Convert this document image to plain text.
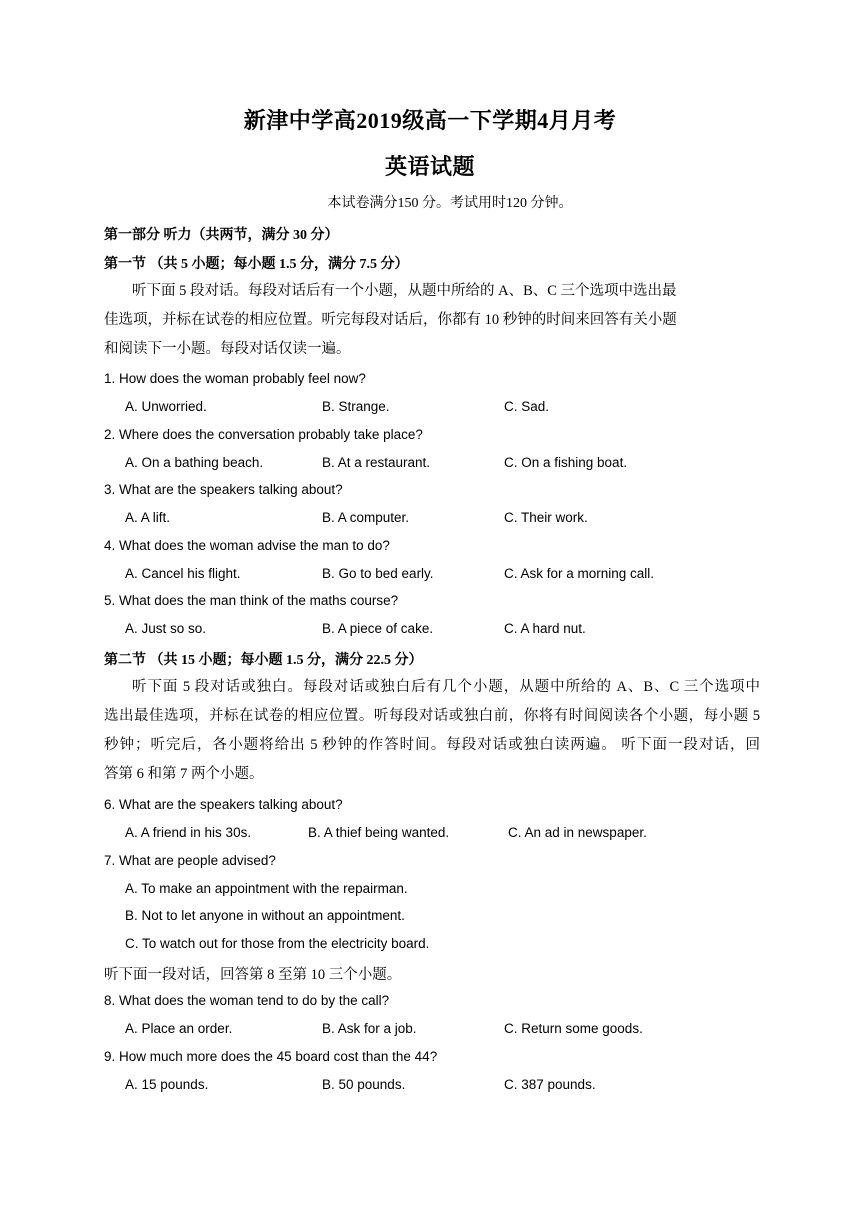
新津中学高2019级高一下学期4月月考
英语试题
本试卷满分150 分。考试用时120 分钟。
第一部分 听力（共两节，满分 30 分）
第一节 （共 5 小题；每小题 1.5 分，满分 7.5 分）
听下面 5 段对话。每段对话后有一个小题，从题中所给的 A、B、C 三个选项中选出最
佳选项，并标在试卷的相应位置。听完每段对话后，你都有 10 秒钟的时间来回答有关小题
和阅读下一小题。每段对话仅读一遍。
1. How does the woman probably feel now?
A. Unworried.	B. Strange.	C. Sad.
2. Where does the conversation probably take place?
A. On a bathing beach.	B. At a restaurant.	C. On a fishing boat.
3. What are the speakers talking about?
A. A lift.	B. A computer.	C. Their work.
4. What does the woman advise the man to do?
A. Cancel his flight.	B. Go to bed early.	C. Ask for a morning call.
5. What does the man think of the maths course?
A. Just so so.	B. A piece of cake.	C. A hard nut.
第二节 （共 15 小题；每小题 1.5 分，满分 22.5 分）
听下面 5 段对话或独白。每段对话或独白后有几个小题，从题中所给的 A、B、C 三个选项中
选出最佳选项，并标在试卷的相应位置。听每段对话或独白前，你将有时间阅读各个小题，每小题 5
秒钟；听完后，各小题将给出 5 秒钟的作答时间。每段对话或独白读两遍。 听下面一段对话，回
答第 6 和第 7 两个小题。
6. What are the speakers talking about?
A. A friend in his 30s.	B. A thief being wanted.	C. An ad in newspaper.
7. What are people advised?
A. To make an appointment with the repairman.
B. Not to let anyone in without an appointment.
C. To watch out for those from the electricity board.
听下面一段对话，回答第 8 至第 10 三个小题。
8. What does the woman tend to do by the call?
A. Place an order.	B. Ask for a job.	C. Return some goods.
9. How much more does the 45 board cost than the 44?
A. 15 pounds.	B. 50 pounds.	C. 387 pounds.
